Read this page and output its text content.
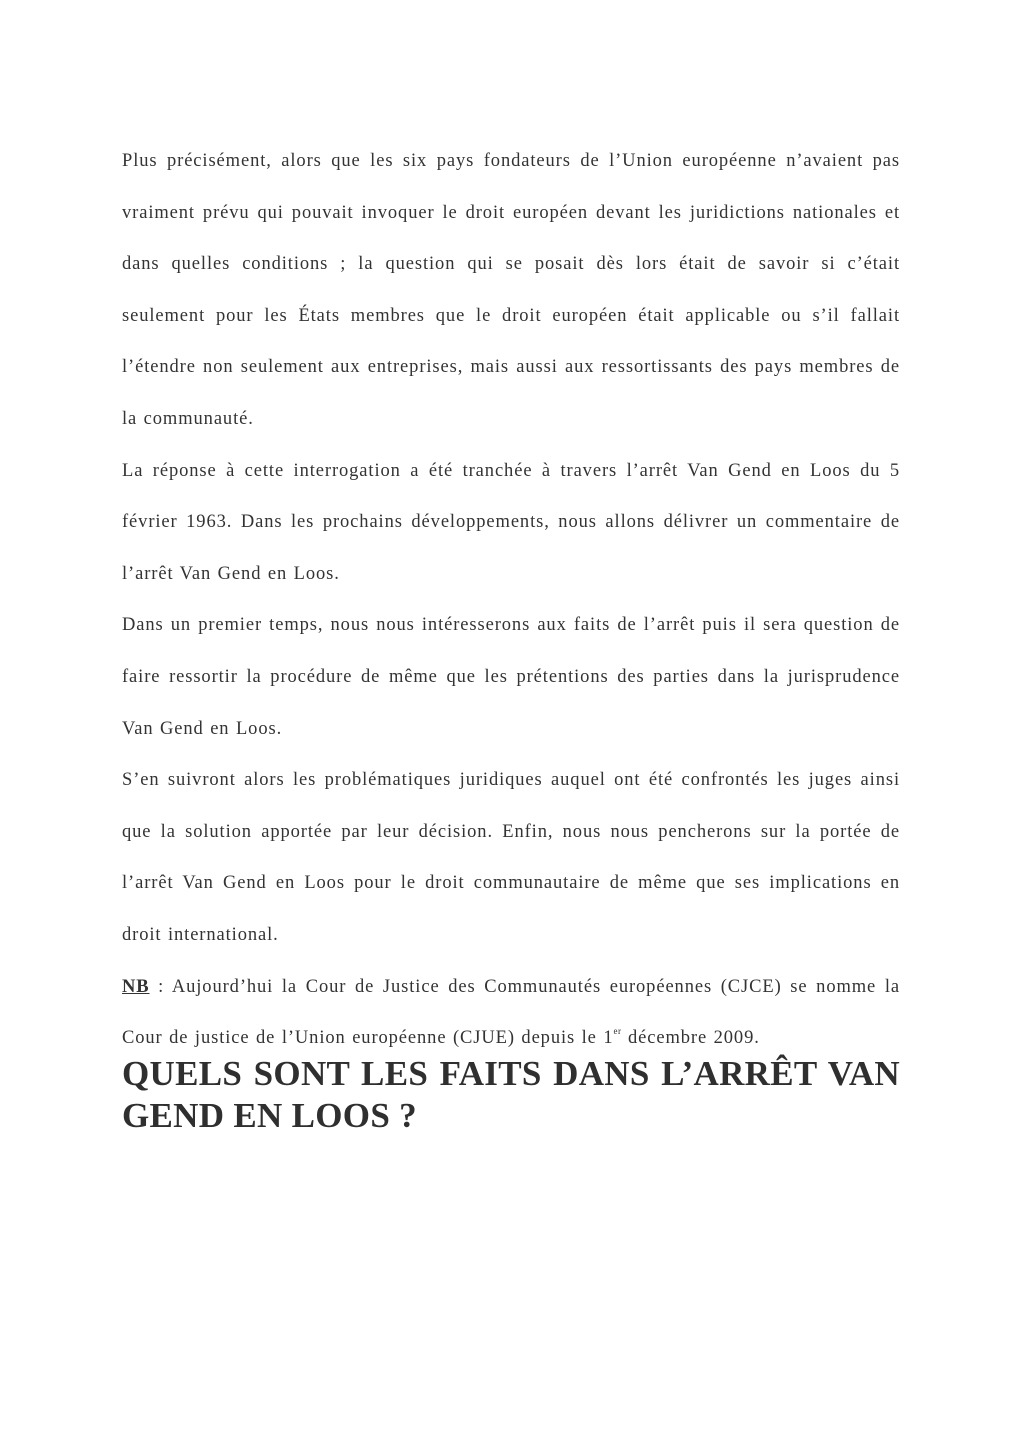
Plus précisément, alors que les six pays fondateurs de l’Union européenne n’avaient pas vraiment prévu qui pouvait invoquer le droit européen devant les juridictions nationales et dans quelles conditions ; la question qui se posait dès lors était de savoir si c’était seulement pour les États membres que le droit européen était applicable ou s’il fallait l’étendre non seulement aux entreprises, mais aussi aux ressortissants des pays membres de la communauté.

La réponse à cette interrogation a été tranchée à travers l’arrêt Van Gend en Loos du 5 février 1963. Dans les prochains développements, nous allons délivrer un commentaire de l’arrêt Van Gend en Loos.

Dans un premier temps, nous nous intéresserons aux faits de l’arrêt puis il sera question de faire ressortir la procédure de même que les prétentions des parties dans la jurisprudence Van Gend en Loos.

S’en suivront alors les problématiques juridiques auquel ont été confrontés les juges ainsi que la solution apportée par leur décision. Enfin, nous nous pencherons sur la portée de l’arrêt Van Gend en Loos pour le droit communautaire de même que ses implications en droit international.

NB : Aujourd’hui la Cour de Justice des Communautés européennes (CJCE) se nomme la Cour de justice de l’Union européenne (CJUE) depuis le 1er décembre 2009.

QUELS SONT LES FAITS DANS L’ARRÊT VAN GEND EN LOOS ?
